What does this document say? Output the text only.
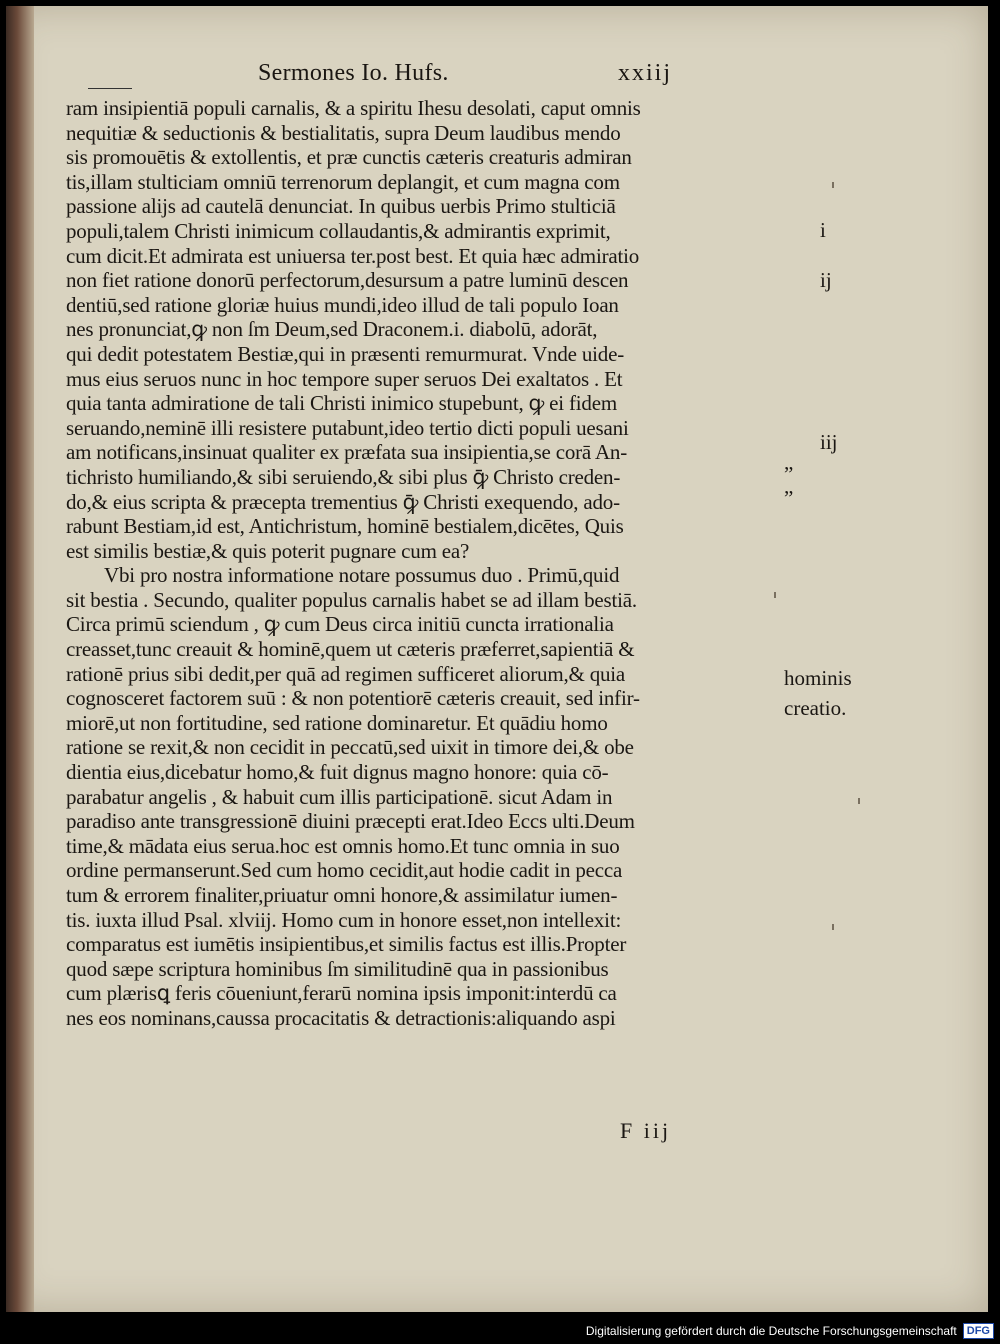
Sermones Io. Hufs.	xxiij
ram insipientiā populi carnalis, & a spiritu Ihesu desolati, caput omnis
nequitiæ & seductionis & bestialitatis, supra Deum laudibus mendo
sis promouētis & extollentis, et præ cunctis cæteris creaturis admiran
tis,illam stulticiam omniū terrenorum deplangit, et cum magna com
passione alijs ad cautelā denunciat. In quibus uerbis Primo stulticiā
populi,talem Christi inimicum collaudantis,& admirantis exprimit,
cum dicit.Et admirata est uniuersa ter.post best. Et quia hæc admiratio
non fiet ratione donorū perfectorum,desursum a patre luminū descen
dentiū,sed ratione gloriæ huius mundi,ideo illud de tali populo Ioan
nes pronunciat,ꝙ non ſm Deum,sed Draconem.i. diabolū, adorāt,
qui dedit potestatem Bestiæ,qui in præsenti remurmurat. Vnde uide-
mus eius seruos nunc in hoc tempore super seruos Dei exaltatos . Et
quia tanta admiratione de tali Christi inimico stupebunt, ꝙ ei fidem
seruando,neminē illi resistere putabunt,ideo tertio dicti populi uesani
am notificans,insinuat qualiter ex præfata sua insipientia,se corā An-
tichristo humiliando,& sibi seruiendo,& sibi plus ꝙ̄ Christo creden-
do,& eius scripta & præcepta trementius ꝙ̄ Christi exequendo, ado-
rabunt Bestiam,id est, Antichristum, hominē bestialem,dicētes, Quis
est similis bestiæ,& quis poterit pugnare cum ea?
Vbi pro nostra informatione notare possumus duo . Primū,quid
sit bestia . Secundo, qualiter populus carnalis habet se ad illam bestiā.
Circa primū sciendum , ꝙ cum Deus circa initiū cuncta irrationalia
creasset,tunc creauit & hominē,quem ut cæteris præferret,sapientiā &
rationē prius sibi dedit,per quā ad regimen sufficeret aliorum,& quia
cognosceret factorem suū : & non potentiorē cæteris creauit, sed infir-
miorē,ut non fortitudine, sed ratione dominaretur. Et quādiu homo
ratione se rexit,& non cecidit in peccatū,sed uixit in timore dei,& obe
dientia eius,dicebatur homo,& fuit dignus magno honore: quia cō-
parabatur angelis , & habuit cum illis participationē. sicut Adam in
paradiso ante transgressionē diuini præcepti erat.Ideo Eccs ulti.Deum
time,& mādata eius serua.hoc est omnis homo.Et tunc omnia in suo
ordine permanserunt.Sed cum homo cecidit,aut hodie cadit in pecca
tum & errorem finaliter,priuatur omni honore,& assimilatur iumen-
tis. iuxta illud Psal. xlviij. Homo cum in honore esset,non intellexit:
comparatus est iumētis insipientibus,et similis factus est illis.Propter
quod sæpe scriptura hominibus ſm similitudinē qua in passionibus
cum plærisꝗ feris cōueniunt,ferarū nomina ipsis imponit:interdū ca
nes eos nominans,caussa procacitatis & detractionis:aliquando aspi
i
ij
iij
”
”
hominis
creatio.
F iij
Digitalisierung gefördert durch die Deutsche Forschungsgemeinschaft DFG
